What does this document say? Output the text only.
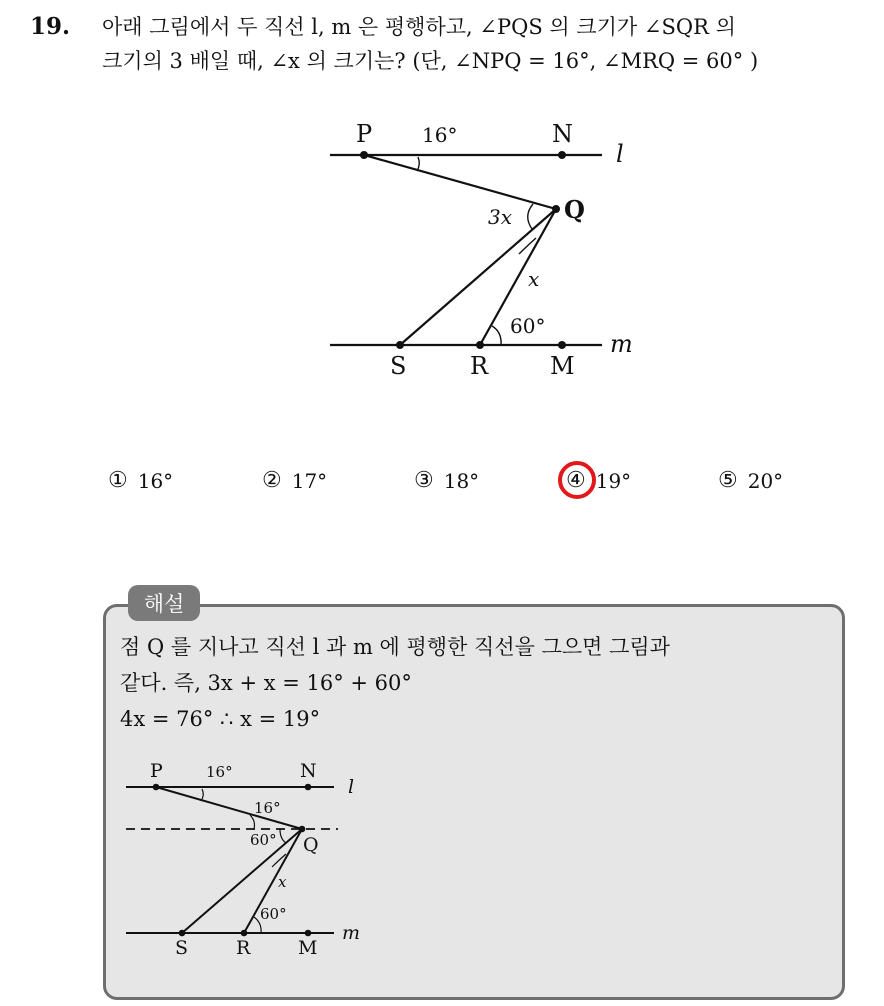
19.	아래 그림에서 두 직선 l, m 은 평행하고, ∠PQS 의 크기가 ∠SQR 의
크기의 3 배일 때, ∠x 의 크기는? (단, ∠NPQ = 16°, ∠MRQ = 60° )
P	N
Q
S	R	M
l
m
16°
3x
x
60°
① 16°	② 17°	③ 18°	④ 19°	⑤ 20°
점 Q 를 지나고 직선 l 과 m 에 평행한 직선을 그으면 그림과
같다. 즉, 3x + x = 16° + 60°
4x = 76° ∴ x = 19°
P	N
Q
S	R	M
l
m
16°
16°
60°
x
60°
해설
